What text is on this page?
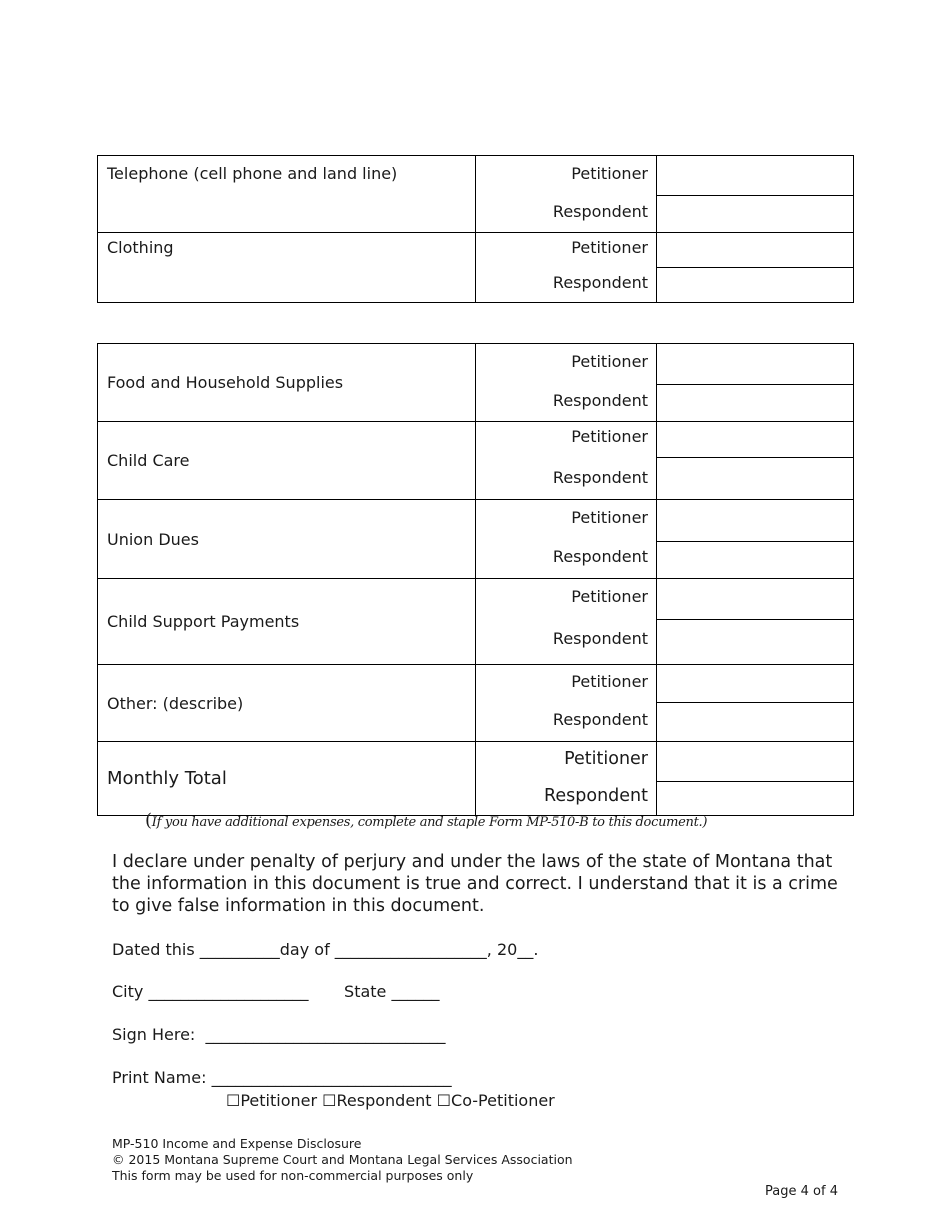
Telephone (cell phone and land line)	Petitioner
Respondent	

Clothing	Petitioner
Respondent	

Food and Household Supplies	Petitioner
Respondent	

Child Care	Petitioner
Respondent	

Union Dues	Petitioner
Respondent	

Child Support Payments	Petitioner
Respondent	

Other: (describe)	Petitioner
Respondent	

Monthly Total	Petitioner
Respondent	

(If you have additional expenses, complete and staple Form MP-510-B to this document.)
I declare under penalty of perjury and under the laws of the state of Montana that the information in this document is true and correct. I understand that it is a crime to give false information in this document.
Dated this __________day of ___________________, 20__.
City ____________________       State ______
Sign Here:  ______________________________
Print Name: ______________________________
☐Petitioner ☐Respondent ☐Co-Petitioner
MP-510 Income and Expense Disclosure
© 2015 Montana Supreme Court and Montana Legal Services Association
This form may be used for non-commercial purposes only
Page 4 of 4
